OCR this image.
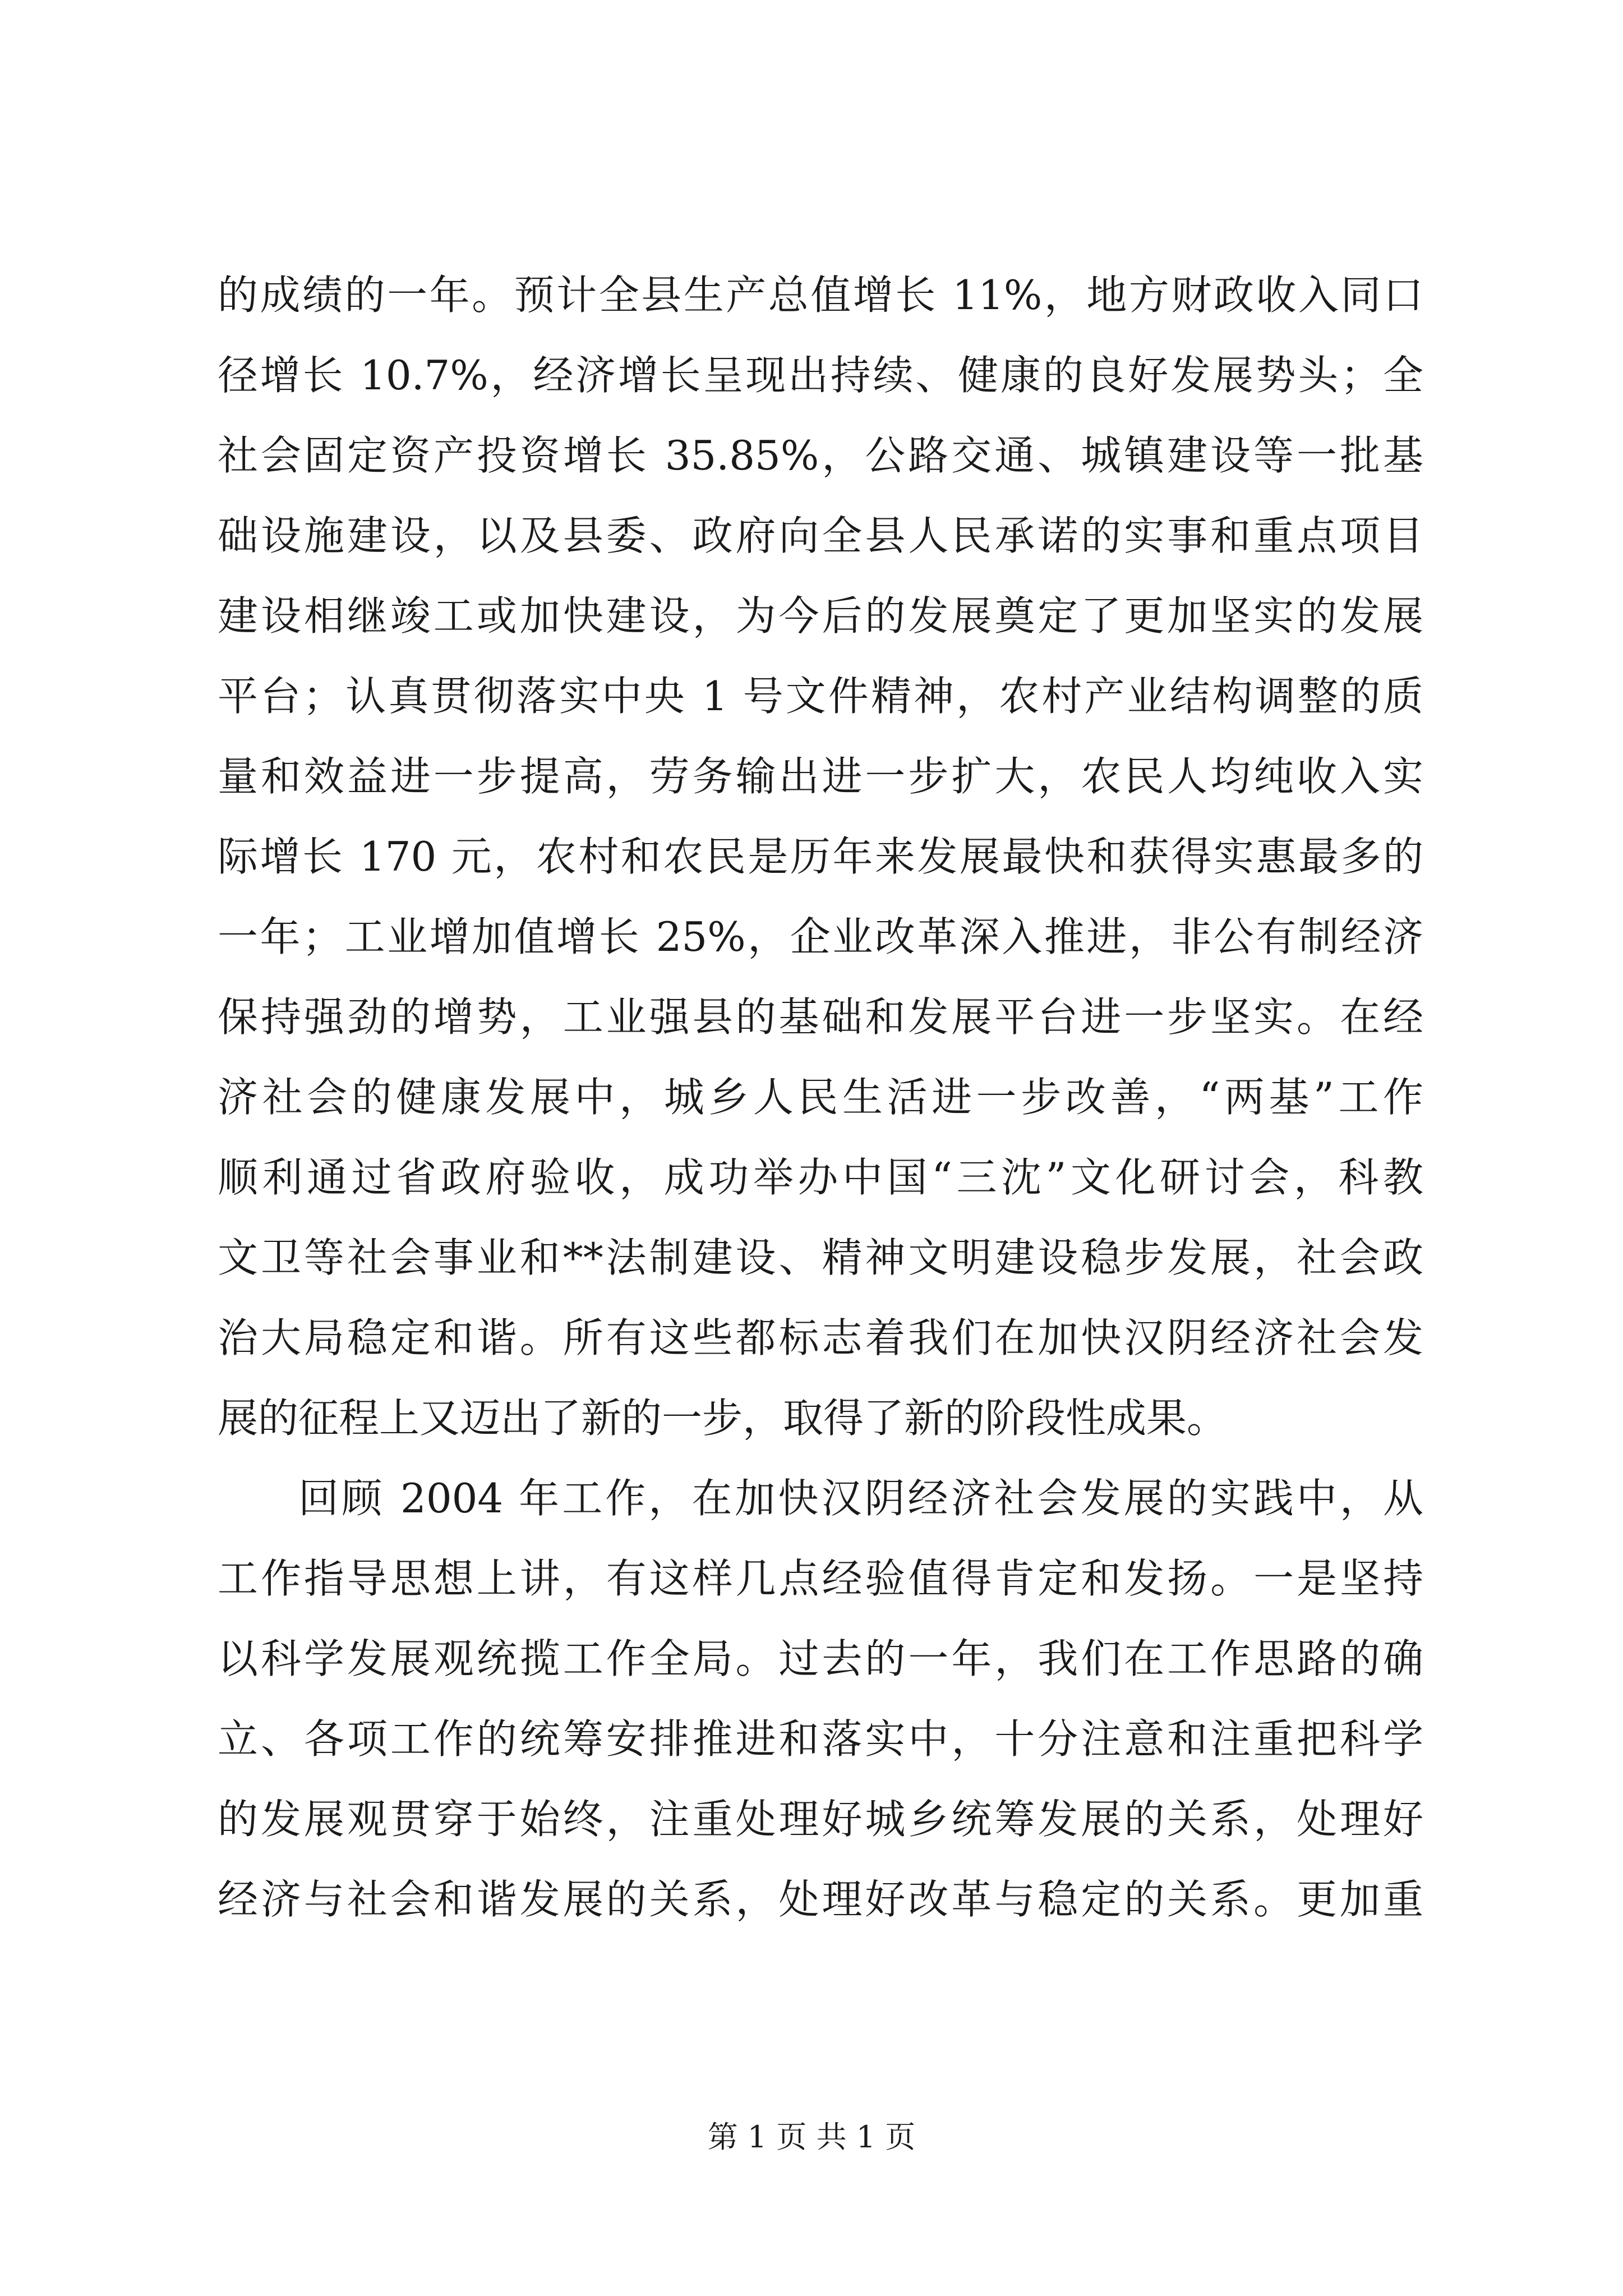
的成绩的一年。预计全县生产总值增长 11%，地方财政收入同口
径增长 10.7%，经济增长呈现出持续、健康的良好发展势头；全
社会固定资产投资增长 35.85%，公路交通、城镇建设等一批基
础设施建设，以及县委、政府向全县人民承诺的实事和重点项目
建设相继竣工或加快建设，为今后的发展奠定了更加坚实的发展
平台；认真贯彻落实中央 1 号文件精神，农村产业结构调整的质
量和效益进一步提高，劳务输出进一步扩大，农民人均纯收入实
际增长 170 元，农村和农民是历年来发展最快和获得实惠最多的
一年；工业增加值增长 25%，企业改革深入推进，非公有制经济
保持强劲的增势，工业强县的基础和发展平台进一步坚实。在经
济社会的健康发展中，城乡人民生活进一步改善，“两基”工作
顺利通过省政府验收，成功举办中国“三沈”文化研讨会，科教
文卫等社会事业和**法制建设、精神文明建设稳步发展，社会政
治大局稳定和谐。所有这些都标志着我们在加快汉阴经济社会发
展的征程上又迈出了新的一步，取得了新的阶段性成果。
回顾 2004 年工作，在加快汉阴经济社会发展的实践中，从
工作指导思想上讲，有这样几点经验值得肯定和发扬。一是坚持
以科学发展观统揽工作全局。过去的一年，我们在工作思路的确
立、各项工作的统筹安排推进和落实中，十分注意和注重把科学
的发展观贯穿于始终，注重处理好城乡统筹发展的关系，处理好
经济与社会和谐发展的关系，处理好改革与稳定的关系。更加重
第 1 页 共 1 页
